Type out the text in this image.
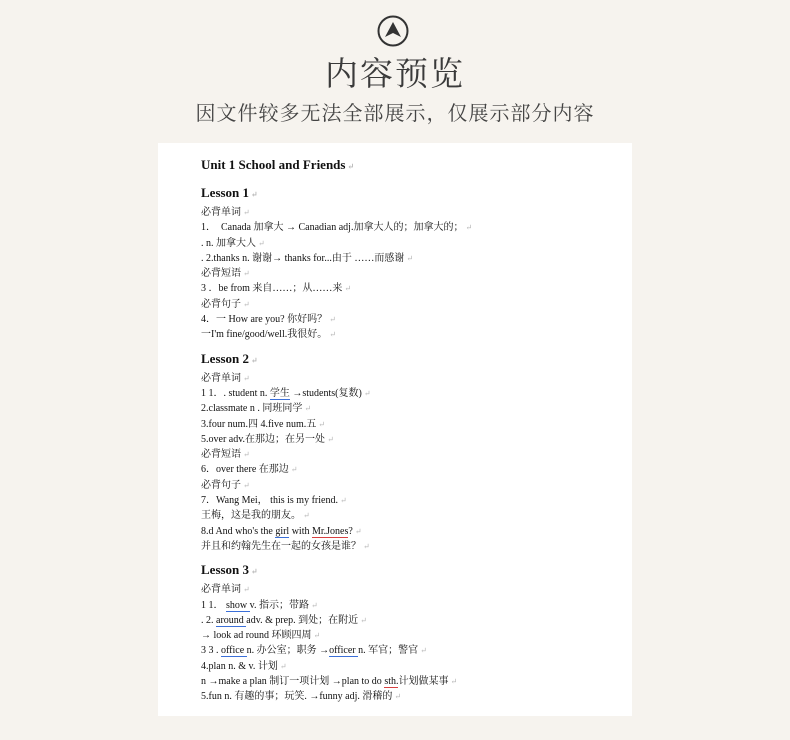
内容预览
因文件较多无法全部展示，仅展示部分内容
Unit 1 School and Friends ↵
Lesson 1 ↵
必背单词 ↵
1．　Canada 加拿大 → Canadian adj.加拿大人的；加拿大的； ↵
. n. 加拿大人 ↵
. 2.thanks n. 谢谢→ thanks for...由于 ……而感谢 ↵
必背短语 ↵
3 ．be from 来自……；从……来 ↵
必背句子 ↵
4．一 How are you? 你好吗？ ↵
一I'm fine/good/well.我很好。 ↵
Lesson 2 ↵
必背单词 ↵
1 1．. student n. 学生 →students(复数) ↵
2.classmate n . 同班同学 ↵
3.four num.四 4.five num.五 ↵
5.over adv.在那边；在另一处 ↵
必背短语 ↵
6．over there 在那边 ↵
必背句子 ↵
7．Wang Mei， this is my friend. ↵
王梅，这是我的朋友。 ↵
8.d And who's the girl with Mr.Jones? ↵
并且和约翰先生在一起的女孩是谁？ ↵
Lesson 3 ↵
必背单词 ↵
1 1． show v. 指示；带路 ↵
. 2. around adv. & prep. 到处；在附近 ↵
→ look ad round 环顾四周 ↵
3 3 . office n. 办公室；职务 →officer n. 军官；警官 ↵
4.plan n. & v. 计划 ↵
n →make a plan 制订一项计划 →plan to do sth.计划做某事 ↵
5.fun n. 有趣的事；玩笑. →funny adj. 滑稽的 ↵
